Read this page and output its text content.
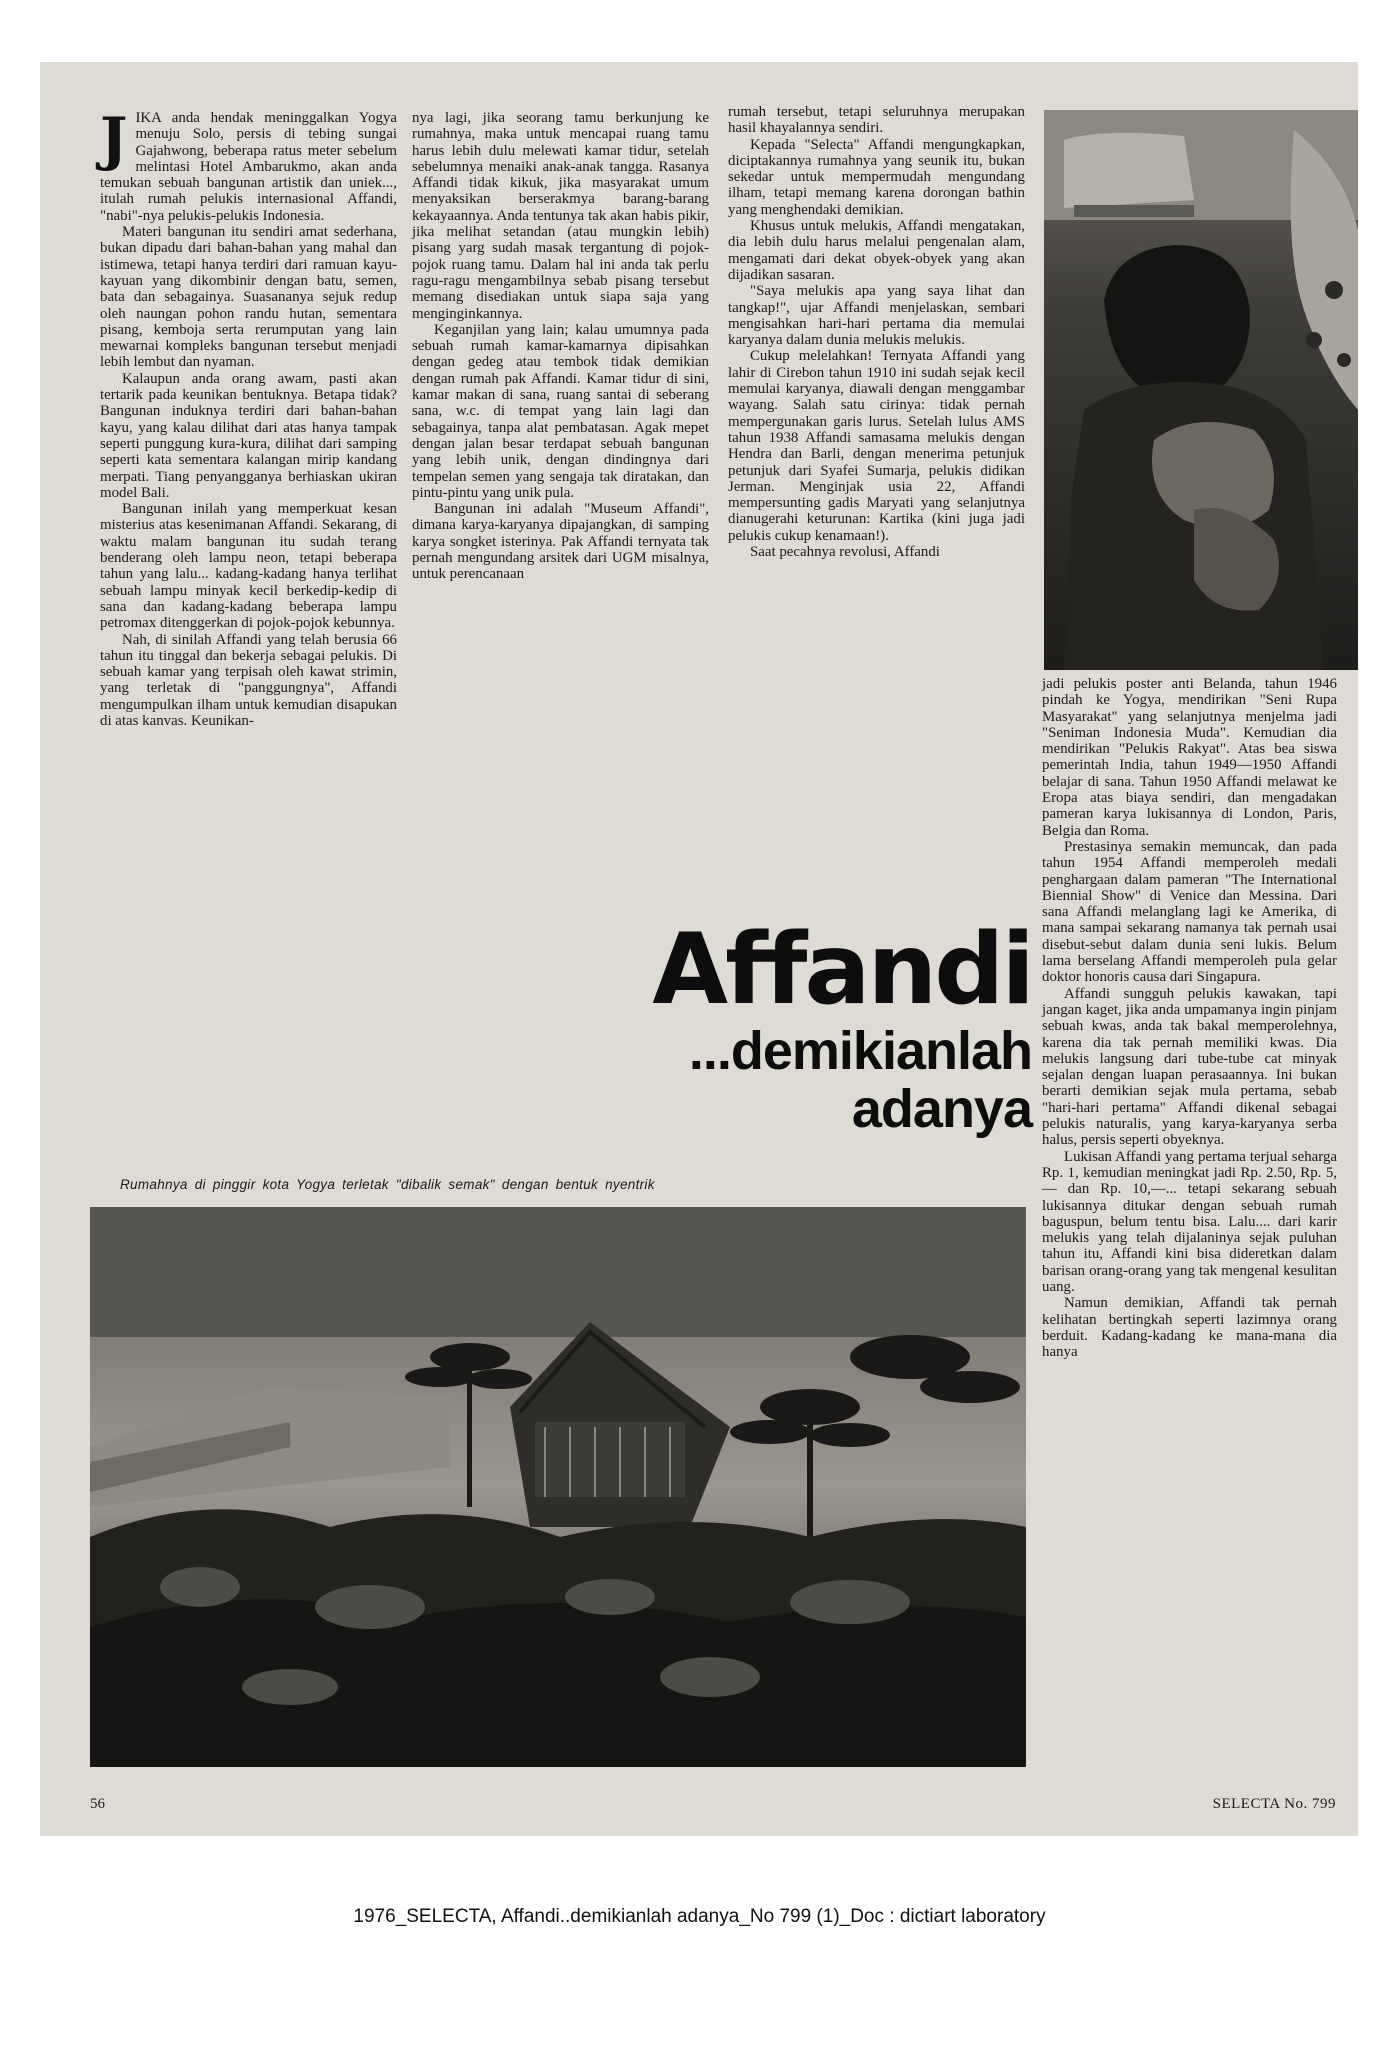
JIKA anda hendak meninggalkan Yogya menuju Solo, persis di tebing sungai Gajahwong, beberapa ratus meter sebelum melintasi Hotel Ambarukmo, akan anda temukan sebuah bangunan artistik dan uniek..., itulah rumah pelukis internasional Affandi, "nabi"-nya pelukis-pelukis Indonesia.

Materi bangunan itu sendiri amat sederhana, bukan dipadu dari bahan-bahan yang mahal dan istimewa, tetapi hanya terdiri dari ramuan kayu-kayuan yang dikombinir dengan batu, semen, bata dan sebagainya. Suasananya sejuk redup oleh naungan pohon randu hutan, sementara pisang, kemboja serta rerumputan yang lain mewarnai kompleks bangunan tersebut menjadi lebih lembut dan nyaman.

Kalaupun anda orang awam, pasti akan tertarik pada keunikan bentuknya. Betapa tidak? Bangunan induknya terdiri dari bahan-bahan kayu, yang kalau dilihat dari atas hanya tampak seperti punggung kura-kura, dilihat dari samping seperti kata sementara kalangan mirip kandang merpati. Tiang penyangganya berhiaskan ukiran model Bali.

Bangunan inilah yang memperkuat kesan misterius atas kesenimanan Affandi. Sekarang, di waktu malam bangunan itu sudah terang benderang oleh lampu neon, tetapi beberapa tahun yang lalu... kadang-kadang hanya terlihat sebuah lampu minyak kecil berkedip-kedip di sana dan kadang-kadang beberapa lampu petromax ditenggerkan di pojok-pojok kebunnya.

Nah, di sinilah Affandi yang telah berusia 66 tahun itu tinggal dan bekerja sebagai pelukis. Di sebuah kamar yang terpisah oleh kawat strimin, yang terletak di "panggungnya", Affandi mengumpulkan ilham untuk kemudian disapukan di atas kanvas. Keunikan-

nya lagi, jika seorang tamu berkunjung ke rumahnya, maka untuk mencapai ruang tamu harus lebih dulu melewati kamar tidur, setelah sebelumnya menaiki anak-anak tangga. Rasanya Affandi tidak kikuk, jika masyarakat umum menyaksikan berserakmya barang-barang kekayaannya. Anda tentunya tak akan habis pikir, jika melihat setandan (atau mungkin lebih) pisang yarg sudah masak tergantung di pojok-pojok ruang tamu. Dalam hal ini anda tak perlu ragu-ragu mengambilnya sebab pisang tersebut memang disediakan untuk siapa saja yang menginginkannya.

Keganjilan yang lain; kalau umumnya pada sebuah rumah kamar-kamarnya dipisahkan dengan gedeg atau tembok tidak demikian dengan rumah pak Affandi. Kamar tidur di sini, kamar makan di sana, ruang santai di seberang sana, w.c. di tempat yang lain lagi dan sebagainya, tanpa alat pembatasan. Agak mepet dengan jalan besar terdapat sebuah bangunan yang lebih unik, dengan dindingnya dari tempelan semen yang sengaja tak diratakan, dan pintu-pintu yang unik pula.

Bangunan ini adalah "Museum Affandi", dimana karya-karyanya dipajangkan, di samping karya songket isterinya. Pak Affandi ternyata tak pernah mengundang arsitek dari UGM misalnya, untuk perencanaan

rumah tersebut, tetapi seluruhnya merupakan hasil khayalannya sendiri.

Kepada "Selecta" Affandi mengungkapkan, diciptakannya rumahnya yang seunik itu, bukan sekedar untuk mempermudah mengundang ilham, tetapi memang karena dorongan bathin yang menghendaki demikian.

Khusus untuk melukis, Affandi mengatakan, dia lebih dulu harus melalui pengenalan alam, mengamati dari dekat obyek-obyek yang akan dijadikan sasaran.

"Saya melukis apa yang saya lihat dan tangkap!", ujar Affandi menjelaskan, sembari mengisahkan hari-hari pertama dia memulai karyanya dalam dunia melukis melukis.

Cukup melelahkan! Ternyata Affandi yang lahir di Cirebon tahun 1910 ini sudah sejak kecil memulai karyanya, diawali dengan menggambar wayang. Salah satu cirinya: tidak pernah mempergunakan garis lurus. Setelah lulus AMS tahun 1938 Affandi samasama melukis dengan Hendra dan Barli, dengan menerima petunjuk petunjuk dari Syafei Sumarja, pelukis didikan Jerman. Menginjak usia 22, Affandi mempersunting gadis Maryati yang selanjutnya dianugerahi keturunan: Kartika (kini juga jadi pelukis cukup kenamaan!).

Saat pecahnya revolusi, Affandi

jadi pelukis poster anti Belanda, tahun 1946 pindah ke Yogya, mendirikan "Seni Rupa Masyarakat" yang selanjutnya menjelma jadi "Seniman Indonesia Muda". Kemudian dia mendirikan "Pelukis Rakyat". Atas bea siswa pemerintah India, tahun 1949—1950 Affandi belajar di sana. Tahun 1950 Affandi melawat ke Eropa atas biaya sendiri, dan mengadakan pameran karya lukisannya di London, Paris, Belgia dan Roma.

Prestasinya semakin memuncak, dan pada tahun 1954 Affandi memperoleh medali penghargaan dalam pameran "The International Biennial Show" di Venice dan Messina. Dari sana Affandi melanglang lagi ke Amerika, di mana sampai sekarang namanya tak pernah usai disebut-sebut dalam dunia seni lukis. Belum lama berselang Affandi memperoleh pula gelar doktor honoris causa dari Singapura.

Affandi sungguh pelukis kawakan, tapi jangan kaget, jika anda umpamanya ingin pinjam sebuah kwas, anda tak bakal memperolehnya, karena dia tak pernah memiliki kwas. Dia melukis langsung dari tube-tube cat minyak sejalan dengan luapan perasaannya. Ini bukan berarti demikian sejak mula pertama, sebab "hari-hari pertama" Affandi dikenal sebagai pelukis naturalis, yang karya-karyanya serba halus, persis seperti obyeknya.

Lukisan Affandi yang pertama terjual seharga Rp. 1, kemudian meningkat jadi Rp. 2.50, Rp. 5,— dan Rp. 10,—... tetapi sekarang sebuah lukisannya ditukar dengan sebuah rumah baguspun, belum tentu bisa. Lalu.... dari karir melukis yang telah dijalaninya sejak puluhan tahun itu, Affandi kini bisa dideretkan dalam barisan orang-orang yang tak mengenal kesulitan uang.

Namun demikian, Affandi tak pernah kelihatan bertingkah seperti lazimnya orang berduit. Kadang-kadang ke mana-mana dia hanya

Affandi
...demikianlah
adanya
Rumahnya di pinggir kota Yogya terletak "dibalik semak" dengan bentuk nyentrik
56	SELECTA No. 799
1976_SELECTA, Affandi..demikianlah adanya_No 799 (1)_Doc : dictiart laboratory
